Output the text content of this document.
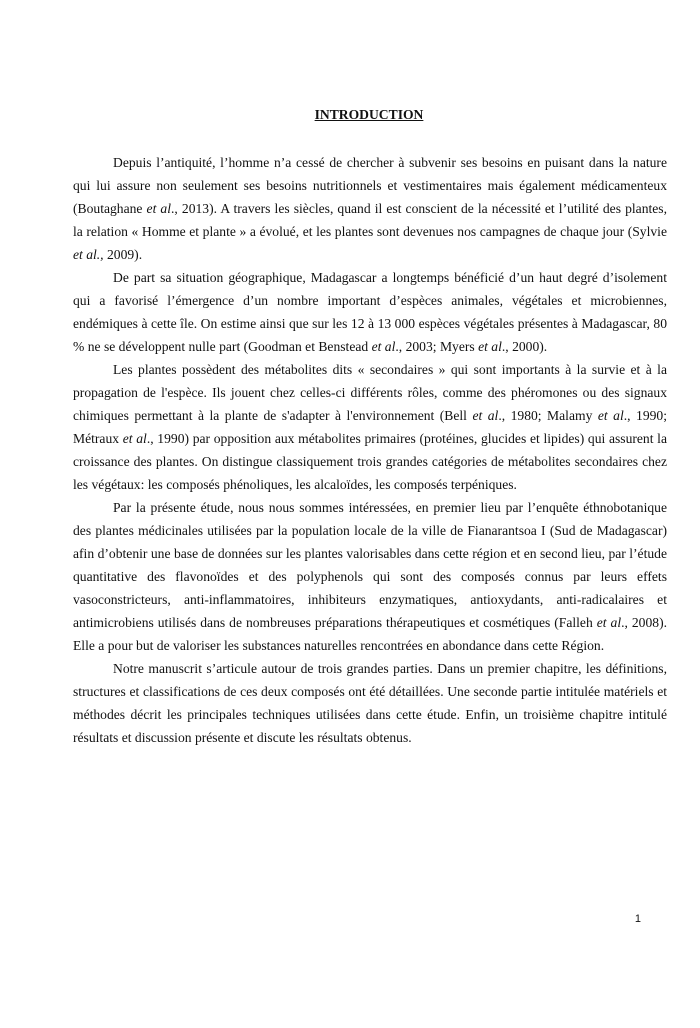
INTRODUCTION

Depuis l’antiquité, l’homme n’a cessé de chercher à subvenir ses besoins en puisant dans la nature qui lui assure non seulement ses besoins nutritionnels et vestimentaires mais également médicamenteux (Boutaghane et al., 2013). A travers les siècles, quand il est conscient de la nécessité et l’utilité des plantes, la relation « Homme et plante » a évolué, et les plantes sont devenues nos campagnes de chaque jour (Sylvie et al., 2009).

De part sa situation géographique, Madagascar a longtemps bénéficié d’un haut degré d’isolement qui a favorisé l’émergence d’un nombre important d’espèces animales, végétales et microbiennes, endémiques à cette île. On estime ainsi que sur les 12 à 13 000 espèces végétales présentes à Madagascar, 80 % ne se développent nulle part (Goodman et Benstead et al., 2003; Myers et al., 2000).

Les plantes possèdent des métabolites dits « secondaires » qui sont importants à la survie et à la propagation de l'espèce. Ils jouent chez celles-ci différents rôles, comme des phéromones ou des signaux chimiques permettant à la plante de s'adapter à l'environnement (Bell et al., 1980; Malamy et al., 1990; Métraux et al., 1990) par opposition aux métabolites primaires (protéines, glucides et lipides) qui assurent la croissance des plantes. On distingue classiquement trois grandes catégories de métabolites secondaires chez les végétaux: les composés phénoliques, les alcaloïdes, les composés terpéniques.

Par la présente étude, nous nous sommes intéressées, en premier lieu par l’enquête éthnobotanique des plantes médicinales utilisées par la population locale de la ville de Fianarantsoa I (Sud de Madagascar) afin d’obtenir une base de données sur les plantes valorisables dans cette région et en second lieu, par l’étude quantitative des flavonoïdes et des polyphenols qui sont des composés connus par leurs effets vasoconstricteurs, anti-inflammatoires, inhibiteurs enzymatiques, antioxydants, anti-radicalaires et antimicrobiens utilisés dans de nombreuses préparations thérapeutiques et cosmétiques (Falleh et al., 2008). Elle a pour but de valoriser les substances naturelles rencontrées en abondance dans cette Région.

Notre manuscrit s’articule autour de trois grandes parties. Dans un premier chapitre, les définitions, structures et classifications de ces deux composés ont été détaillées. Une seconde partie intitulée matériels et méthodes décrit les principales techniques utilisées dans cette étude. Enfin, un troisième chapitre intitulé résultats et discussion présente et discute les résultats obtenus.

1
